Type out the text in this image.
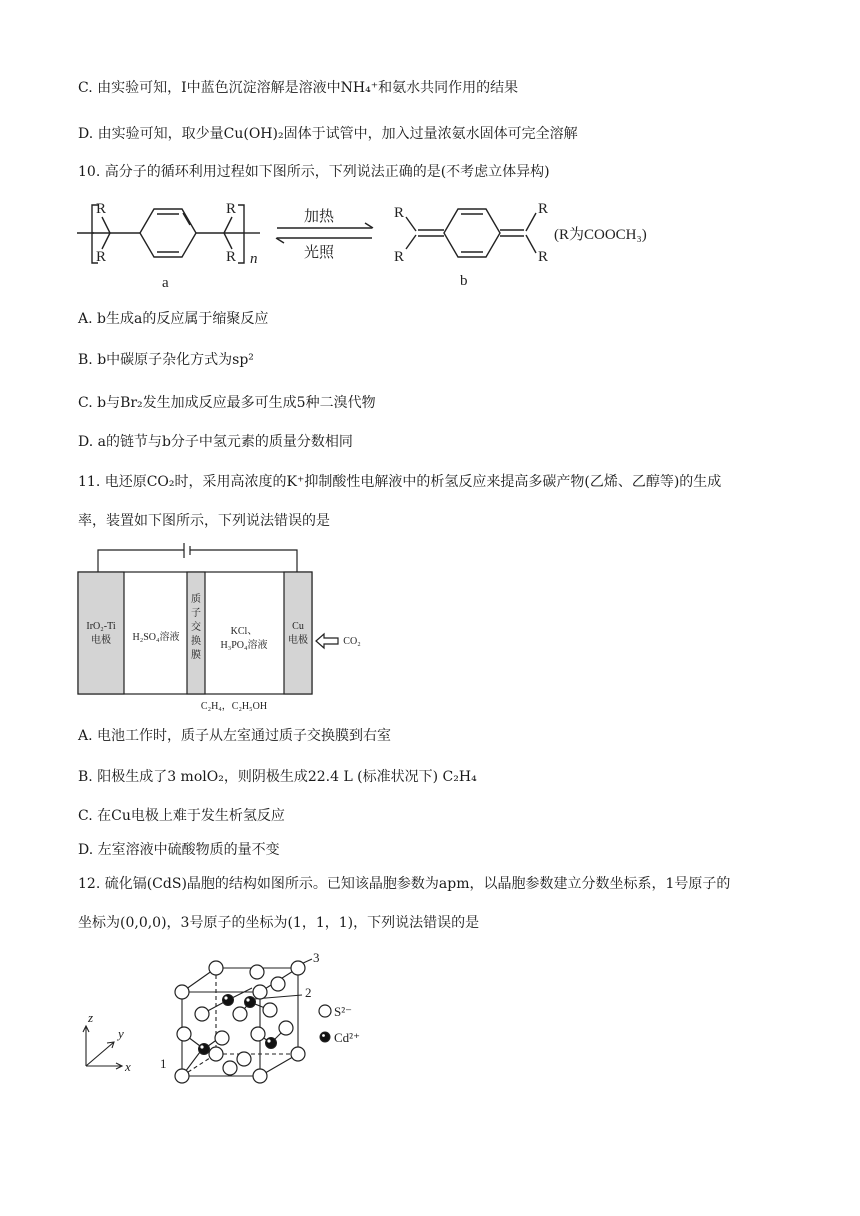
C. 由实验可知，Ⅰ中蓝色沉淀溶解是溶液中NH₄⁺和氨水共同作用的结果
D. 由实验可知，取少量Cu(OH)₂固体于试管中，加入过量浓氨水固体可完全溶解
10. 高分子的循环利用过程如下图所示，下列说法正确的是(不考虑立体异构)
R
R
R
R n
加热
光照
R
R
R
R
(R为COOCH₃)
a	b
A. b生成a的反应属于缩聚反应
B. b中碳原子杂化方式为sp²
C. b与Br₂发生加成反应最多可生成5种二溴代物
D. a的链节与b分子中氢元素的质量分数相同
11. 电还原CO₂时，采用高浓度的K⁺抑制酸性电解液中的析氢反应来提高多碳产物(乙烯、乙醇等)的生成
率，装置如下图所示，下列说法错误的是
IrO₂-Ti
电极 H₂SO₄溶液
质
子
交
换
膜
KCl、
H₃PO₄溶液
Cu
电极	CO₂
C₂H₄，C₂H₅OH
A. 电池工作时，质子从左室通过质子交换膜到右室
B. 阳极生成了3 molO₂，则阴极生成22.4 L (标准状况下) C₂H₄
C. 在Cu电极上难于发生析氢反应
D. 左室溶液中硫酸物质的量不变
12. 硫化镉(CdS)晶胞的结构如图所示。已知该晶胞参数为apm，以晶胞参数建立分数坐标系，1号原子的
坐标为(0,0,0)，3号原子的坐标为(1，1，1)，下列说法错误的是
z
y
x 1
2
3
S²⁻
Cd²⁺
